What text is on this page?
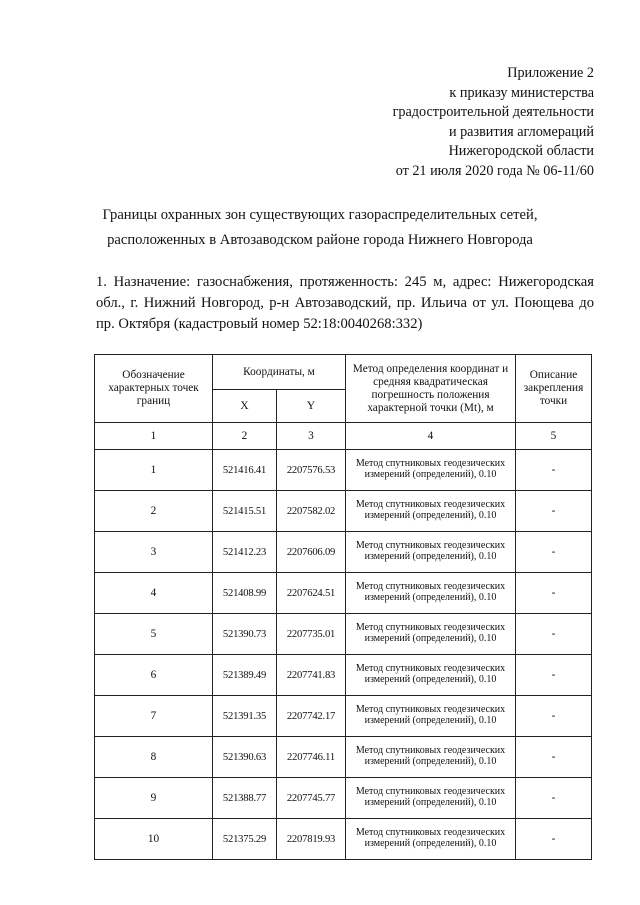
Приложение 2
к приказу министерства
градостроительной деятельности
и развития агломераций
Нижегородской области
от 21 июля 2020 года № 06-11/60
Границы охранных зон существующих газораспределительных сетей,
расположенных в Автозаводском районе города Нижнего Новгорода
1. Назначение: газоснабжения, протяженность: 245 м, адрес: Нижегородская обл., г. Нижний Новгород, р-н Автозаводский, пр. Ильича от ул. Поющева до пр. Октября (кадастровый номер 52:18:0040268:332)
Обозначение характерных точек границ	Координаты, м		Метод определения координат и средняя квадратическая погрешность положения характерной точки (Мt), м	Описание закрепления точки
	X	Y		
1	2	3	4	5
1	521416.41	2207576.53	Метод спутниковых геодезических измерений (определений), 0.10	-
2	521415.51	2207582.02	Метод спутниковых геодезических измерений (определений), 0.10	-
3	521412.23	2207606.09	Метод спутниковых геодезических измерений (определений), 0.10	-
4	521408.99	2207624.51	Метод спутниковых геодезических измерений (определений), 0.10	-
5	521390.73	2207735.01	Метод спутниковых геодезических измерений (определений), 0.10	-
6	521389.49	2207741.83	Метод спутниковых геодезических измерений (определений), 0.10	-
7	521391.35	2207742.17	Метод спутниковых геодезических измерений (определений), 0.10	-
8	521390.63	2207746.11	Метод спутниковых геодезических измерений (определений), 0.10	-
9	521388.77	2207745.77	Метод спутниковых геодезических измерений (определений), 0.10	-
10	521375.29	2207819.93	Метод спутниковых геодезических измерений (определений), 0.10	-
